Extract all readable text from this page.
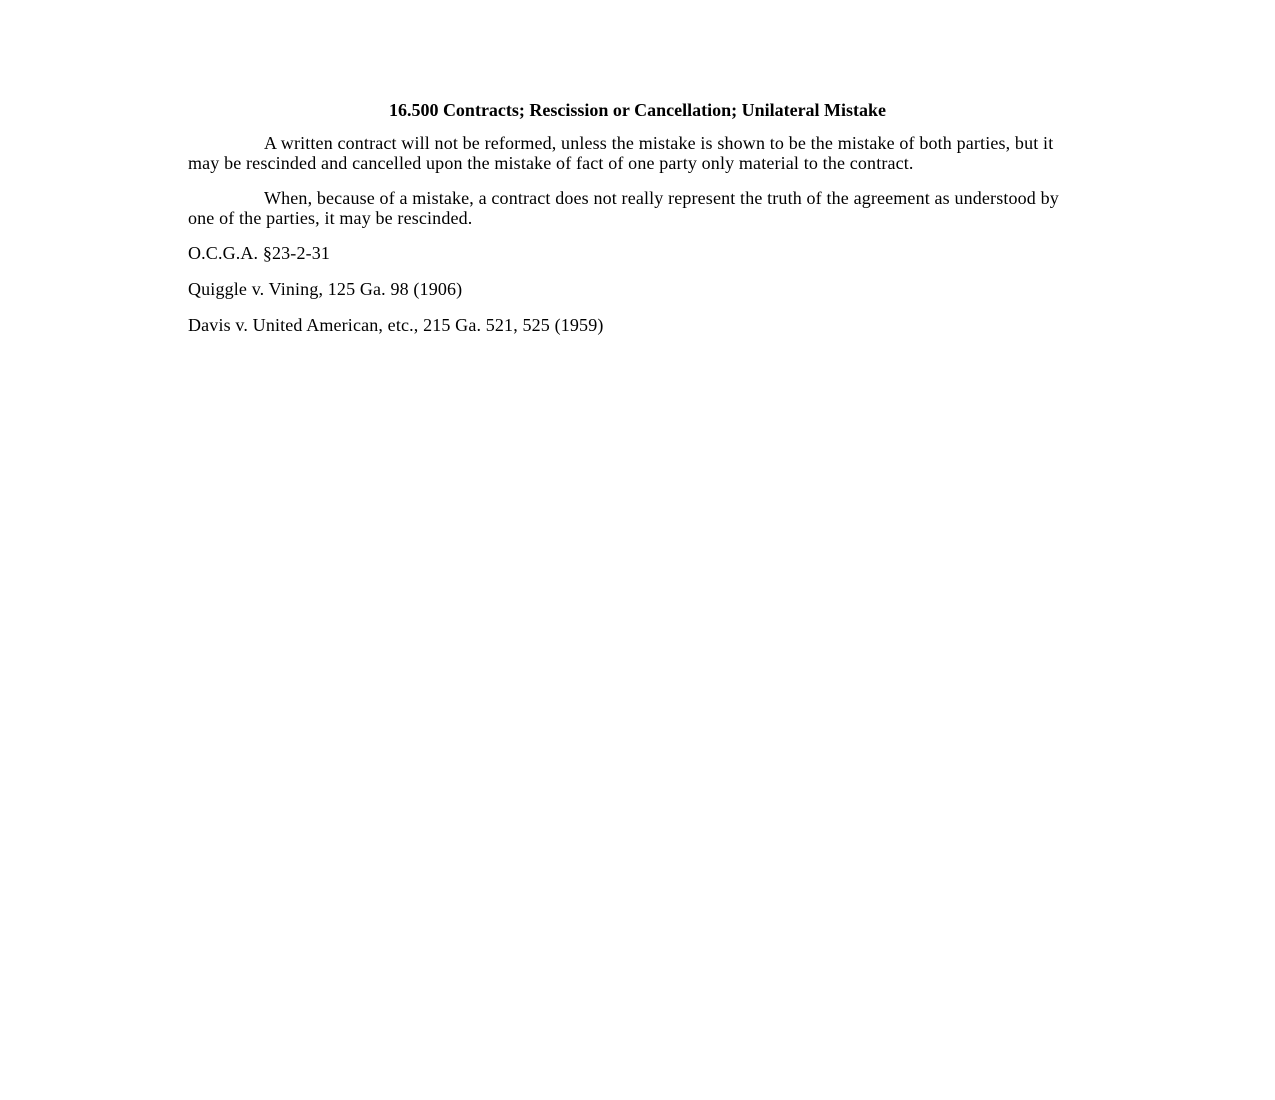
16.500 Contracts; Rescission or Cancellation; Unilateral Mistake

A written contract will not be reformed, unless the mistake is shown to be the mistake of both parties, but it may be rescinded and cancelled upon the mistake of fact of one party only material to the contract.

When, because of a mistake, a contract does not really represent the truth of the agreement as understood by one of the parties, it may be rescinded.

O.C.G.A. §23-2-31

Quiggle v. Vining, 125 Ga. 98 (1906)

Davis v. United American, etc., 215 Ga. 521, 525 (1959)
